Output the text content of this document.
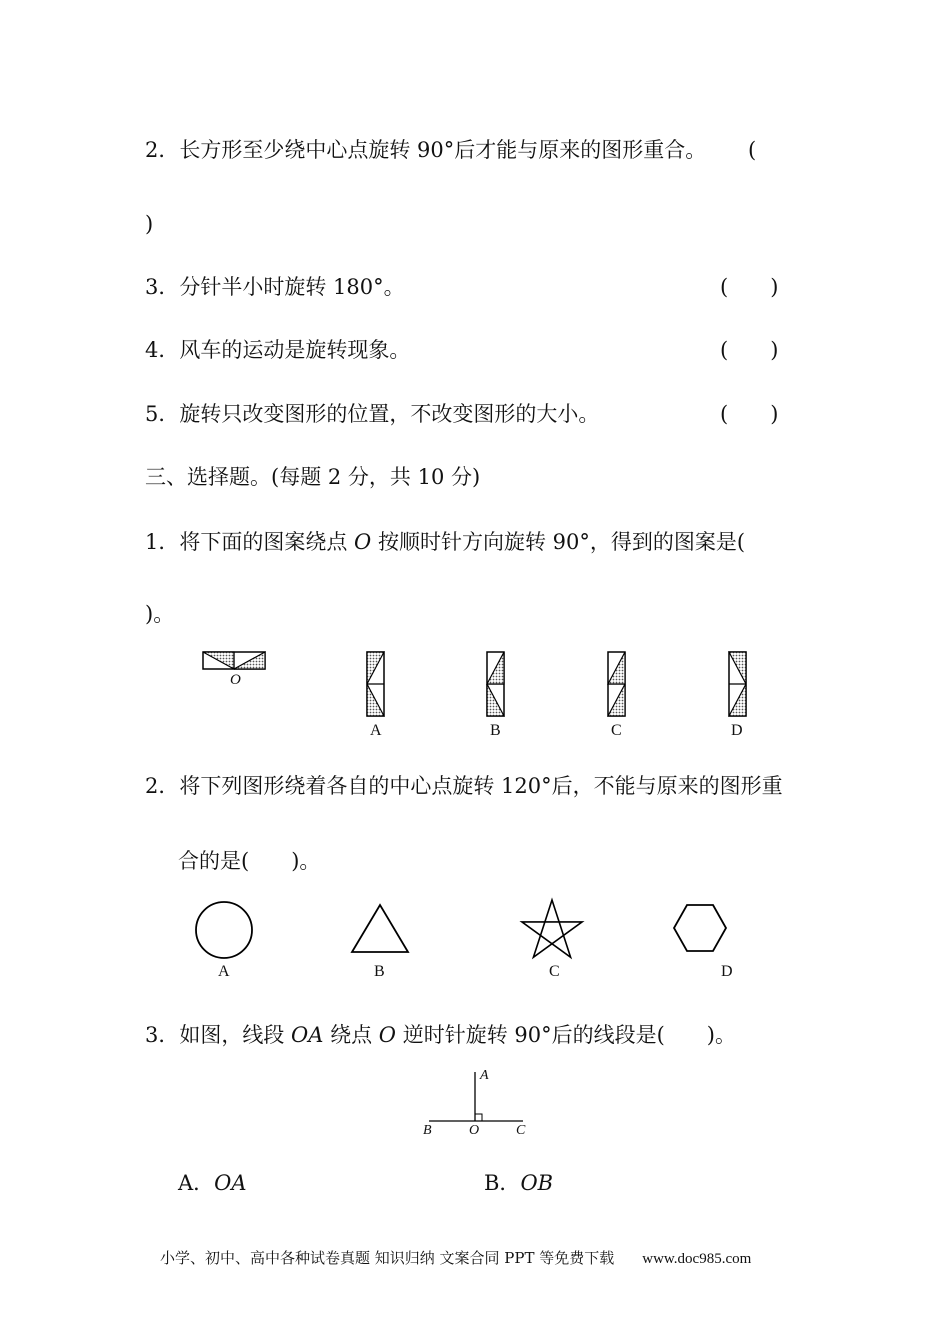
2．长方形至少绕中心点旋转 90°后才能与原来的图形重合。 (
)
3．分针半小时旋转 180°。	(　　)
4．风车的运动是旋转现象。	(　　)
5．旋转只改变图形的位置，不改变图形的大小。	(　　)
三、选择题。(每题 2 分，共 10 分)
1．将下面的图案绕点 O 按顺时针方向旋转 90°，得到的图案是(
)。
O
A	B	C	D
2．将下列图形绕着各自的中心点旋转 120°后，不能与原来的图形重
合的是(　　)。
A	B	C	D
3．如图，线段 OA 绕点 O 逆时针旋转 90°后的线段是(　　)。
A
B	O	C
A．OA	B．OB
小学、初中、高中各种试卷真题 知识归纳 文案合同 PPT 等免费下载 www.doc985.com
